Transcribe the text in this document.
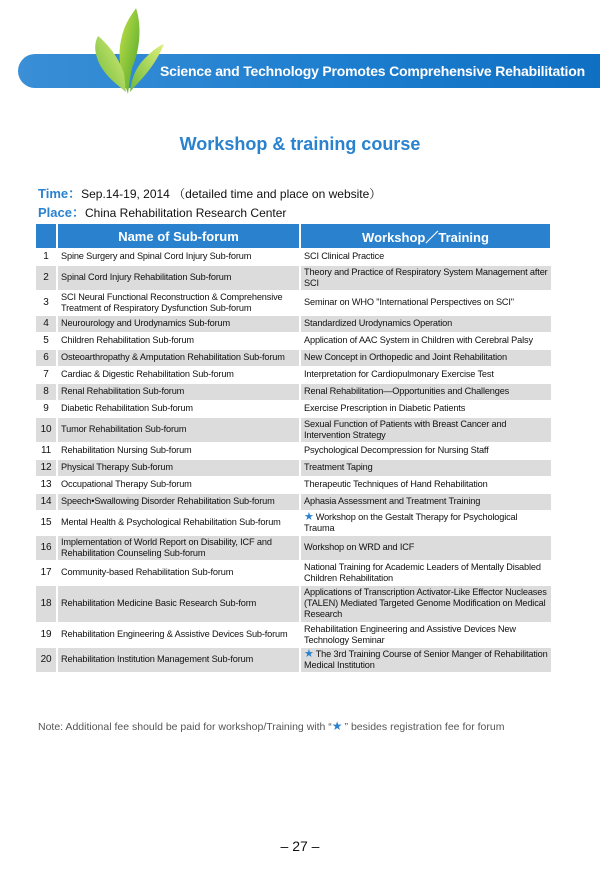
Science and Technology Promotes Comprehensive Rehabilitation
Workshop & training course
Time：Sep.14-19, 2014 （detailed time and place on website）
Place：China Rehabilitation Research Center
	Name of Sub-forum	Workshop／Training
1	Spine Surgery and Spinal Cord Injury Sub-forum	SCI Clinical Practice
2	Spinal Cord Injury Rehabilitation Sub-forum	Theory and Practice of Respiratory System Management after SCI
3	SCI Neural Functional Reconstruction & Comprehensive Treatment of Respiratory Dysfunction Sub-forum	Seminar on WHO "International Perspectives on SCI"
4	Neurourology and Urodynamics Sub-forum	Standardized Urodynamics Operation
5	Children Rehabilitation Sub-forum	Application of AAC System in Children with Cerebral Palsy
6	Osteoarthropathy & Amputation Rehabilitation Sub-forum	New Concept in Orthopedic and Joint Rehabilitation
7	Cardiac & Digestic Rehabilitation Sub-forum	Interpretation for Cardiopulmonary Exercise Test
8	Renal Rehabilitation Sub-forum	Renal Rehabilitation—Opportunities and Challenges
9	Diabetic Rehabilitation Sub-forum	Exercise Prescription in Diabetic Patients
10	Tumor Rehabilitation Sub-forum	Sexual Function of Patients with Breast Cancer and Intervention Strategy
11	Rehabilitation Nursing Sub-forum	Psychological Decompression for Nursing Staff
12	Physical Therapy Sub-forum	Treatment Taping
13	Occupational Therapy Sub-forum	Therapeutic Techniques of Hand Rehabilitation
14	Speech•Swallowing Disorder Rehabilitation Sub-forum	Aphasia Assessment and Treatment Training
15	Mental Health & Psychological Rehabilitation Sub-forum	★ Workshop on the Gestalt Therapy for Psychological Trauma
16	Implementation of World Report on Disability, ICF and Rehabilitation Counseling Sub-forum	Workshop on WRD and ICF
17	Community-based Rehabilitation Sub-forum	National Training for Academic Leaders of Mentally Disabled Children Rehabilitation
18	Rehabilitation Medicine Basic Research Sub-form	Applications of Transcription Activator-Like Effector Nucleases (TALEN) Mediated Targeted Genome Modification on Medical Research
19	Rehabilitation Engineering & Assistive Devices Sub-forum	Rehabilitation Engineering and Assistive Devices New Technology Seminar
20	Rehabilitation Institution Management Sub-forum	★ The 3rd Training Course of Senior Manger of Rehabilitation Medical Institution
Note: Additional fee should be paid for workshop/Training with “★ ” besides registration fee for forum
– 27 –
